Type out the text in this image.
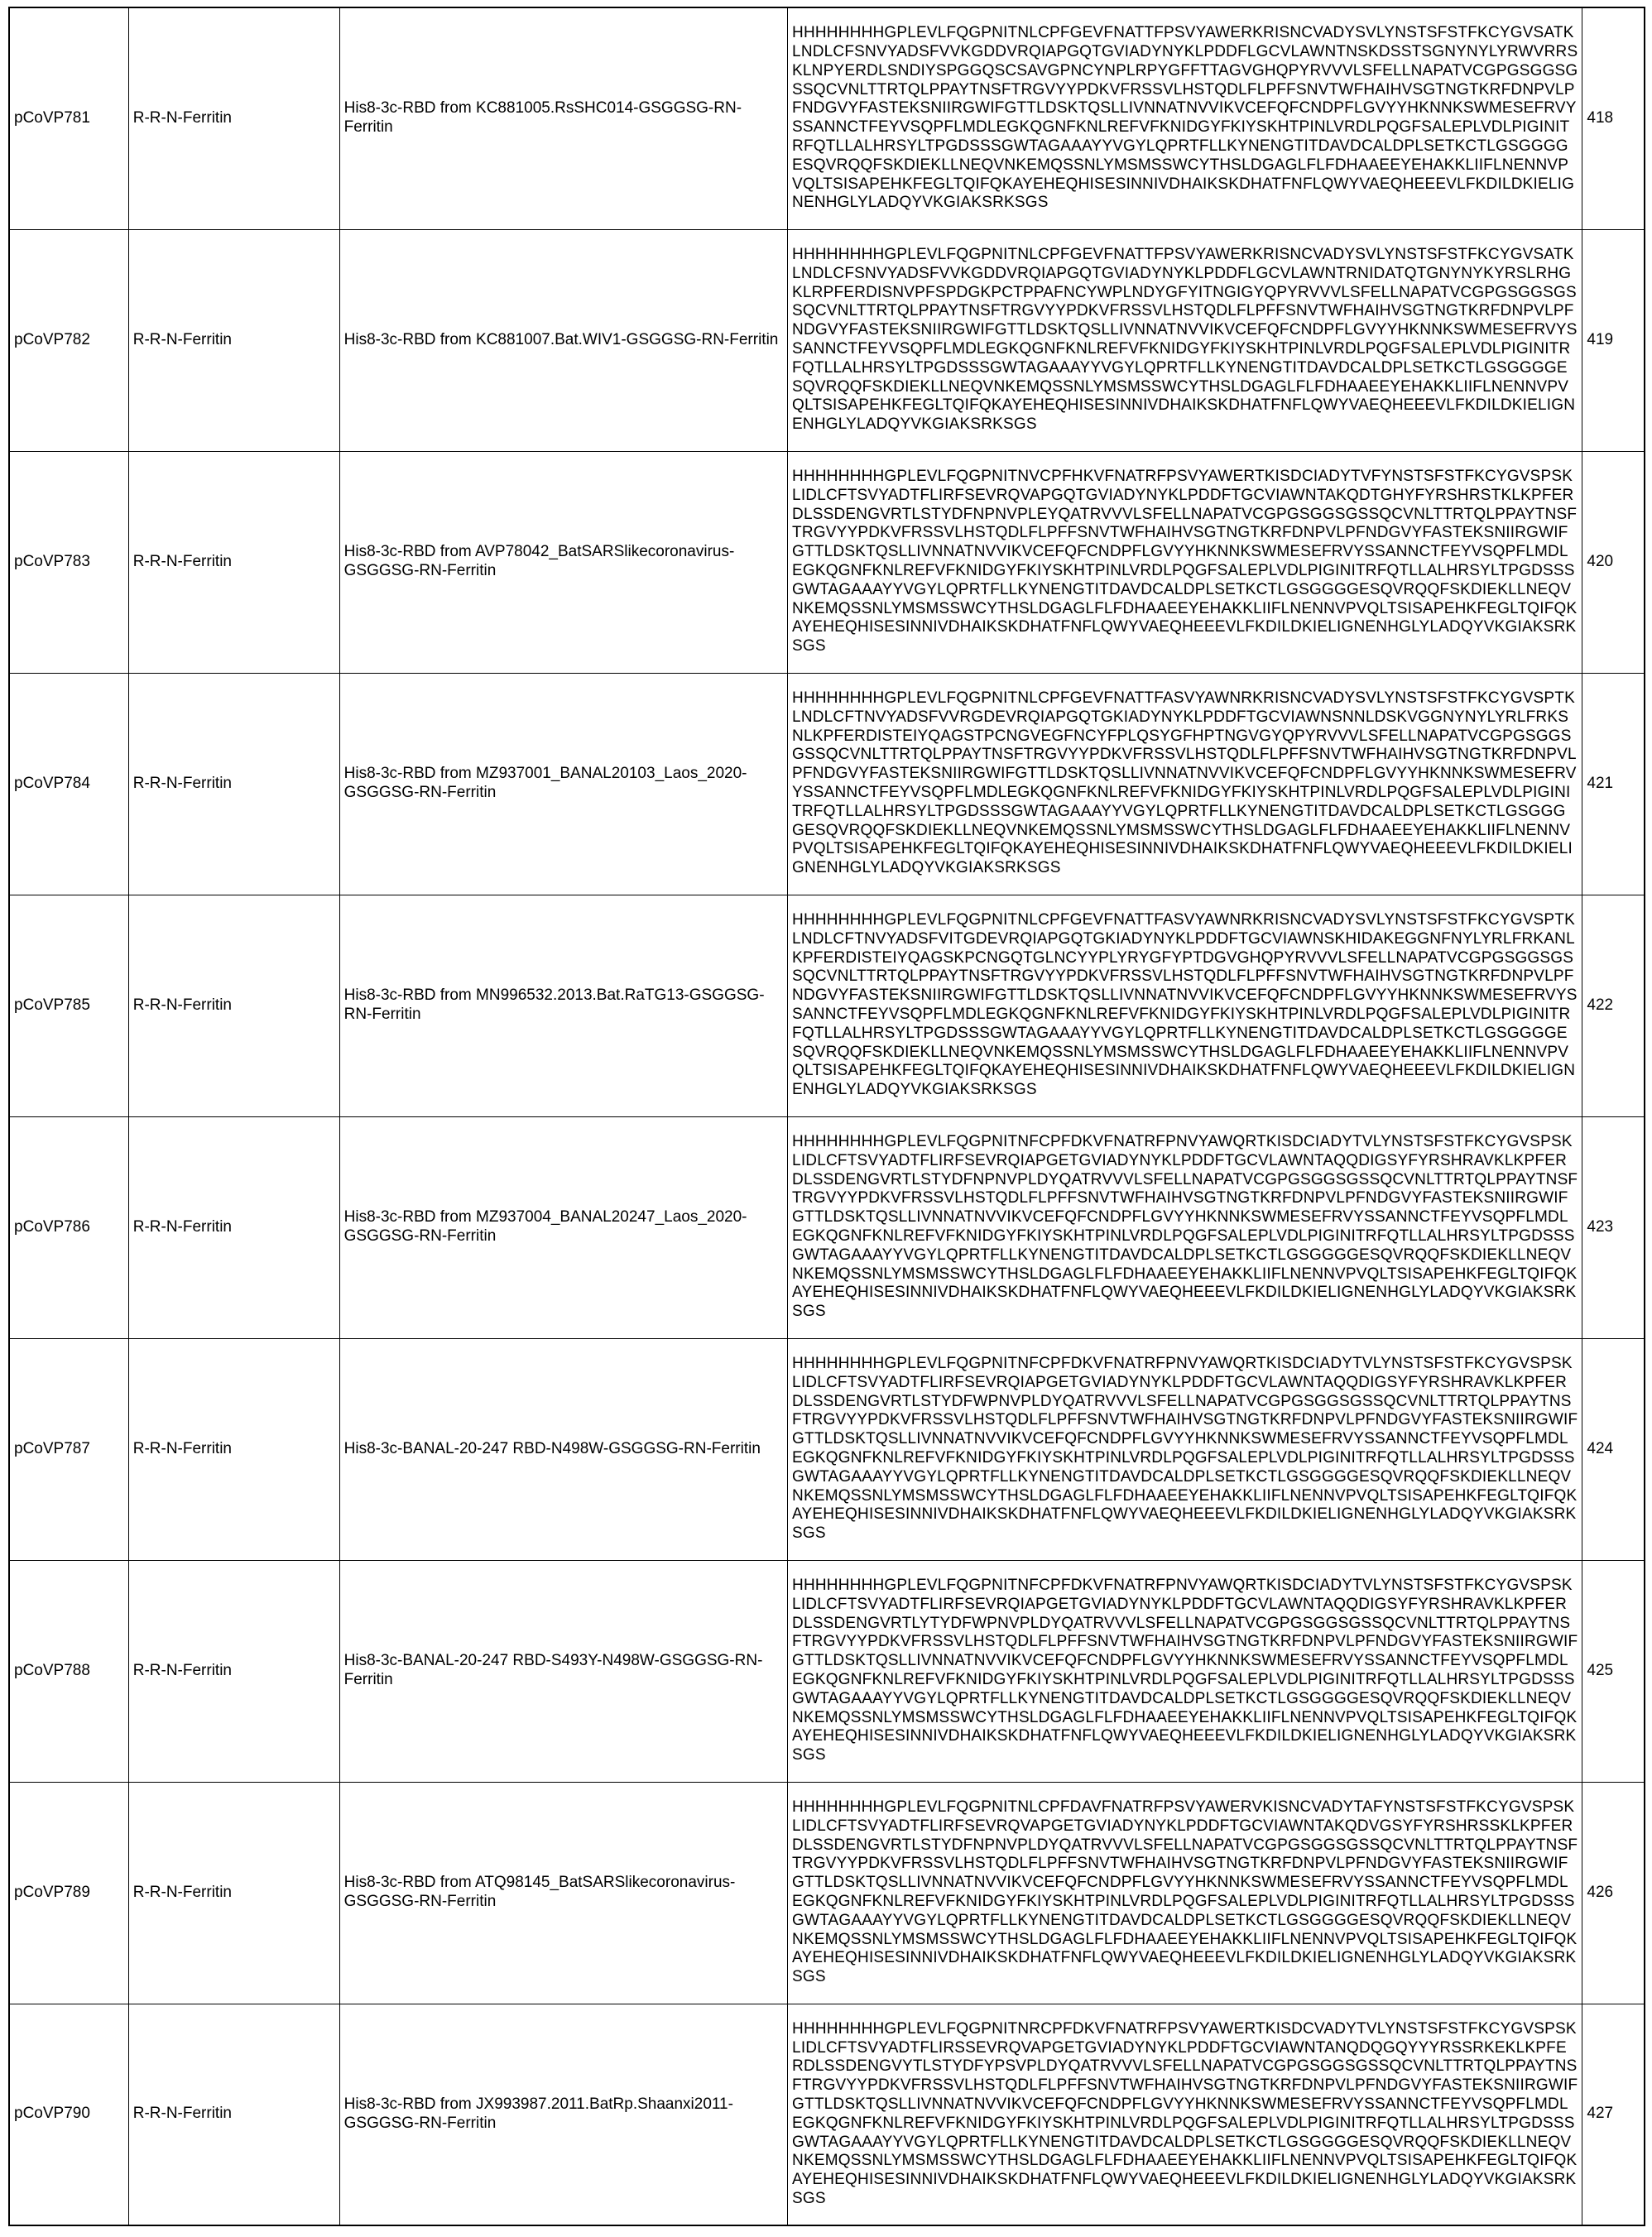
pCoVP781	R-R-N-Ferritin	His8-3c-RBD from KC881005.RsSHC014-GSGGSG-RN-Ferritin	HHHHHHHHGPLEVLFQGPNITNLCPFGEVFNATTFPSVYAWERKRISNCVADYSVLYNSTSFSTFKCYGVSATKLNDLCFSNVYADSFVVKGDDVRQIAPGQTGVIADYNYKLPDDFLGCVLAWNTNSKDSSTSGNYNYLYRWVRRSKLNPYERDLSNDIYSPGGQSCSAVGPNCYNPLRPYGFFTTAGVGHQPYRVVVLSFELLNAPATVCGPGSGGSGSSQCVNLTTRTQLPPAYTNSFTRGVYYPDKVFRSSVLHSTQDLFLPFFSNVTWFHAIHVSGTNGTKRFDNPVLPFNDGVYFASTEKSNIIRGWIFGTTLDSKTQSLLIVNNATNVVIKVCEFQFCNDPFLGVYYHKNNKSWMESEFRVYSSANNCTFEYVSQPFLMDLEGKQGNFKNLREFVFKNIDGYFKIYSKHTPINLVRDLPQGFSALEPLVDLPIGINITRFQTLLALHRSYLTPGDSSSGWTAGAAAYYVGYLQPRTFLLKYNENGTITDAVDCALDPLSETKCTLGSGGGGESQVRQQFSKDIEKLLNEQVNKEMQSSNLYMSMSSWCYTHSLDGAGLFLFDHAAEEYEHAKKLIIFLNENNVPVQLTSISAPEHKFEGLTQIFQKAYEHEQHISESINNIVDHAIKSKDHATFNFLQWYVAEQHEEEVLFKDILDKIELIGNENHGLYLADQYVKGIAKSRKSGS	418
pCoVP782	R-R-N-Ferritin	His8-3c-RBD from KC881007.Bat.WIV1-GSGGSG-RN-Ferritin	HHHHHHHHGPLEVLFQGPNITNLCPFGEVFNATTFPSVYAWERKRISNCVADYSVLYNSTSFSTFKCYGVSATKLNDLCFSNVYADSFVVKGDDVRQIAPGQTGVIADYNYKLPDDFLGCVLAWNTRNIDATQTGNYNYKYRSLRHGKLRPFERDISNVPFSPDGKPCTPPAFNCYWPLNDYGFYITNGIGYQPYRVVVLSFELLNAPATVCGPGSGGSGSSQCVNLTTRTQLPPAYTNSFTRGVYYPDKVFRSSVLHSTQDLFLPFFSNVTWFHAIHVSGTNGTKRFDNPVLPFNDGVYFASTEKSNIIRGWIFGTTLDSKTQSLLIVNNATNVVIKVCEFQFCNDPFLGVYYHKNNKSWMESEFRVYSSANNCTFEYVSQPFLMDLEGKQGNFKNLREFVFKNIDGYFKIYSKHTPINLVRDLPQGFSALEPLVDLPIGINITRFQTLLALHRSYLTPGDSSSGWTAGAAAYYVGYLQPRTFLLKYNENGTITDAVDCALDPLSETKCTLGSGGGGESQVRQQFSKDIEKLLNEQVNKEMQSSNLYMSMSSWCYTHSLDGAGLFLFDHAAEEYEHAKKLIIFLNENNVPVQLTSISAPEHKFEGLTQIFQKAYEHEQHISESINNIVDHAIKSKDHATFNFLQWYVAEQHEEEVLFKDILDKIELIGNENHGLYLADQYVKGIAKSRKSGS	419
pCoVP783	R-R-N-Ferritin	His8-3c-RBD from AVP78042_BatSARSlikecoronavirus-GSGGSG-RN-Ferritin	HHHHHHHHGPLEVLFQGPNITNVCPFHKVFNATRFPSVYAWERTKISDCIADYTVFYNSTSFSTFKCYGVSPSKLIDLCFTSVYADTFLIRFSEVRQVAPGQTGVIADYNYKLPDDFTGCVIAWNTAKQDTGHYFYRSHRSTKLKPFERDLSSDENGVRTLSTYDFNPNVPLEYQATRVVVLSFELLNAPATVCGPGSGGSGSSQCVNLTTRTQLPPAYTNSFTRGVYYPDKVFRSSVLHSTQDLFLPFFSNVTWFHAIHVSGTNGTKRFDNPVLPFNDGVYFASTEKSNIIRGWIFGTTLDSKTQSLLIVNNATNVVIKVCEFQFCNDPFLGVYYHKNNKSWMESEFRVYSSANNCTFEYVSQPFLMDLEGKQGNFKNLREFVFKNIDGYFKIYSKHTPINLVRDLPQGFSALEPLVDLPIGINITRFQTLLALHRSYLTPGDSSSGWTAGAAAYYVGYLQPRTFLLKYNENGTITDAVDCALDPLSETKCTLGSGGGGESQVRQQFSKDIEKLLNEQVNKEMQSSNLYMSMSSWCYTHSLDGAGLFLFDHAAEEYEHAKKLIIFLNENNVPVQLTSISAPEHKFEGLTQIFQKAYEHEQHISESINNIVDHAIKSKDHATFNFLQWYVAEQHEEEVLFKDILDKIELIGNENHGLYLADQYVKGIAKSRKSGS	420
pCoVP784	R-R-N-Ferritin	His8-3c-RBD from MZ937001_BANAL20103_Laos_2020-GSGGSG-RN-Ferritin	HHHHHHHHGPLEVLFQGPNITNLCPFGEVFNATTFASVYAWNRKRISNCVADYSVLYNSTSFSTFKCYGVSPTKLNDLCFTNVYADSFVVRGDEVRQIAPGQTGKIADYNYKLPDDFTGCVIAWNSNNLDSKVGGNYNYLYRLFRKSNLKPFERDISTEIYQAGSTPCNGVEGFNCYFPLQSYGFHPTNGVGYQPYRVVVLSFELLNAPATVCGPGSGGSGSSQCVNLTTRTQLPPAYTNSFTRGVYYPDKVFRSSVLHSTQDLFLPFFSNVTWFHAIHVSGTNGTKRFDNPVLPFNDGVYFASTEKSNIIRGWIFGTTLDSKTQSLLIVNNATNVVIKVCEFQFCNDPFLGVYYHKNNKSWMESEFRVYSSANNCTFEYVSQPFLMDLEGKQGNFKNLREFVFKNIDGYFKIYSKHTPINLVRDLPQGFSALEPLVDLPIGINITRFQTLLALHRSYLTPGDSSSGWTAGAAAYYVGYLQPRTFLLKYNENGTITDAVDCALDPLSETKCTLGSGGGGESQVRQQFSKDIEKLLNEQVNKEMQSSNLYMSMSSWCYTHSLDGAGLFLFDHAAEEYEHAKKLIIFLNENNVPVQLTSISAPEHKFEGLTQIFQKAYEHEQHISESINNIVDHAIKSKDHATFNFLQWYVAEQHEEEVLFKDILDKIELIGNENHGLYLADQYVKGIAKSRKSGS	421
pCoVP785	R-R-N-Ferritin	His8-3c-RBD from MN996532.2013.Bat.RaTG13-GSGGSG-RN-Ferritin	HHHHHHHHGPLEVLFQGPNITNLCPFGEVFNATTFASVYAWNRKRISNCVADYSVLYNSTSFSTFKCYGVSPTKLNDLCFTNVYADSFVITGDEVRQIAPGQTGKIADYNYKLPDDFTGCVIAWNSKHIDAKEGGNFNYLYRLFRKANLKPFERDISTEIYQAGSKPCNGQTGLNCYYPLYRYGFYPTDGVGHQPYRVVVLSFELLNAPATVCGPGSGGSGSSQCVNLTTRTQLPPAYTNSFTRGVYYPDKVFRSSVLHSTQDLFLPFFSNVTWFHAIHVSGTNGTKRFDNPVLPFNDGVYFASTEKSNIIRGWIFGTTLDSKTQSLLIVNNATNVVIKVCEFQFCNDPFLGVYYHKNNKSWMESEFRVYSSANNCTFEYVSQPFLMDLEGKQGNFKNLREFVFKNIDGYFKIYSKHTPINLVRDLPQGFSALEPLVDLPIGINITRFQTLLALHRSYLTPGDSSSGWTAGAAAYYVGYLQPRTFLLKYNENGTITDAVDCALDPLSETKCTLGSGGGGESQVRQQFSKDIEKLLNEQVNKEMQSSNLYMSMSSWCYTHSLDGAGLFLFDHAAEEYEHAKKLIIFLNENNVPVQLTSISAPEHKFEGLTQIFQKAYEHEQHISESINNIVDHAIKSKDHATFNFLQWYVAEQHEEEVLFKDILDKIELIGNENHGLYLADQYVKGIAKSRKSGS	422
pCoVP786	R-R-N-Ferritin	His8-3c-RBD from MZ937004_BANAL20247_Laos_2020-GSGGSG-RN-Ferritin	HHHHHHHHGPLEVLFQGPNITNFCPFDKVFNATRFPNVYAWQRTKISDCIADYTVLYNSTSFSTFKCYGVSPSKLIDLCFTSVYADTFLIRFSEVRQIAPGETGVIADYNYKLPDDFTGCVLAWNTAQQDIGSYFYRSHRAVKLKPFERDLSSDENGVRTLSTYDFNPNVPLDYQATRVVVLSFELLNAPATVCGPGSGGSGSSQCVNLTTRTQLPPAYTNSFTRGVYYPDKVFRSSVLHSTQDLFLPFFSNVTWFHAIHVSGTNGTKRFDNPVLPFNDGVYFASTEKSNIIRGWIFGTTLDSKTQSLLIVNNATNVVIKVCEFQFCNDPFLGVYYHKNNKSWMESEFRVYSSANNCTFEYVSQPFLMDLEGKQGNFKNLREFVFKNIDGYFKIYSKHTPINLVRDLPQGFSALEPLVDLPIGINITRFQTLLALHRSYLTPGDSSSGWTAGAAAYYVGYLQPRTFLLKYNENGTITDAVDCALDPLSETKCTLGSGGGGESQVRQQFSKDIEKLLNEQVNKEMQSSNLYMSMSSWCYTHSLDGAGLFLFDHAAEEYEHAKKLIIFLNENNVPVQLTSISAPEHKFEGLTQIFQKAYEHEQHISESINNIVDHAIKSKDHATFNFLQWYVAEQHEEEVLFKDILDKIELIGNENHGLYLADQYVKGIAKSRKSGS	423
pCoVP787	R-R-N-Ferritin	His8-3c-BANAL-20-247 RBD-N498W-GSGGSG-RN-Ferritin	HHHHHHHHGPLEVLFQGPNITNFCPFDKVFNATRFPNVYAWQRTKISDCIADYTVLYNSTSFSTFKCYGVSPSKLIDLCFTSVYADTFLIRFSEVRQIAPGETGVIADYNYKLPDDFTGCVLAWNTAQQDIGSYFYRSHRAVKLKPFERDLSSDENGVRTLSTYDFWPNVPLDYQATRVVVLSFELLNAPATVCGPGSGGSGSSQCVNLTTRTQLPPAYTNSFTRGVYYPDKVFRSSVLHSTQDLFLPFFSNVTWFHAIHVSGTNGTKRFDNPVLPFNDGVYFASTEKSNIIRGWIFGTTLDSKTQSLLIVNNATNVVIKVCEFQFCNDPFLGVYYHKNNKSWMESEFRVYSSANNCTFEYVSQPFLMDLEGKQGNFKNLREFVFKNIDGYFKIYSKHTPINLVRDLPQGFSALEPLVDLPIGINITRFQTLLALHRSYLTPGDSSSGWTAGAAAYYVGYLQPRTFLLKYNENGTITDAVDCALDPLSETKCTLGSGGGGESQVRQQFSKDIEKLLNEQVNKEMQSSNLYMSMSSWCYTHSLDGAGLFLFDHAAEEYEHAKKLIIFLNENNVPVQLTSISAPEHKFEGLTQIFQKAYEHEQHISESINNIVDHAIKSKDHATFNFLQWYVAEQHEEEVLFKDILDKIELIGNENHGLYLADQYVKGIAKSRKSGS	424
pCoVP788	R-R-N-Ferritin	His8-3c-BANAL-20-247 RBD-S493Y-N498W-GSGGSG-RN-Ferritin	HHHHHHHHGPLEVLFQGPNITNFCPFDKVFNATRFPNVYAWQRTKISDCIADYTVLYNSTSFSTFKCYGVSPSKLIDLCFTSVYADTFLIRFSEVRQIAPGETGVIADYNYKLPDDFTGCVLAWNTAQQDIGSYFYRSHRAVKLKPFERDLSSDENGVRTLYTYDFWPNVPLDYQATRVVVLSFELLNAPATVCGPGSGGSGSSQCVNLTTRTQLPPAYTNSFTRGVYYPDKVFRSSVLHSTQDLFLPFFSNVTWFHAIHVSGTNGTKRFDNPVLPFNDGVYFASTEKSNIIRGWIFGTTLDSKTQSLLIVNNATNVVIKVCEFQFCNDPFLGVYYHKNNKSWMESEFRVYSSANNCTFEYVSQPFLMDLEGKQGNFKNLREFVFKNIDGYFKIYSKHTPINLVRDLPQGFSALEPLVDLPIGINITRFQTLLALHRSYLTPGDSSSGWTAGAAAYYVGYLQPRTFLLKYNENGTITDAVDCALDPLSETKCTLGSGGGGESQVRQQFSKDIEKLLNEQVNKEMQSSNLYMSMSSWCYTHSLDGAGLFLFDHAAEEYEHAKKLIIFLNENNVPVQLTSISAPEHKFEGLTQIFQKAYEHEQHISESINNIVDHAIKSKDHATFNFLQWYVAEQHEEEVLFKDILDKIELIGNENHGLYLADQYVKGIAKSRKSGS	425
pCoVP789	R-R-N-Ferritin	His8-3c-RBD from ATQ98145_BatSARSlikecoronavirus-GSGGSG-RN-Ferritin	HHHHHHHHGPLEVLFQGPNITNLCPFDAVFNATRFPSVYAWERVKISNCVADYTAFYNSTSFSTFKCYGVSPSKLIDLCFTSVYADTFLIRFSEVRQVAPGETGVIADYNYKLPDDFTGCVIAWNTAKQDVGSYFYRSHRSSKLKPFERDLSSDENGVRTLSTYDFNPNVPLDYQATRVVVLSFELLNAPATVCGPGSGGSGSSQCVNLTTRTQLPPAYTNSFTRGVYYPDKVFRSSVLHSTQDLFLPFFSNVTWFHAIHVSGTNGTKRFDNPVLPFNDGVYFASTEKSNIIRGWIFGTTLDSKTQSLLIVNNATNVVIKVCEFQFCNDPFLGVYYHKNNKSWMESEFRVYSSANNCTFEYVSQPFLMDLEGKQGNFKNLREFVFKNIDGYFKIYSKHTPINLVRDLPQGFSALEPLVDLPIGINITRFQTLLALHRSYLTPGDSSSGWTAGAAAYYVGYLQPRTFLLKYNENGTITDAVDCALDPLSETKCTLGSGGGGESQVRQQFSKDIEKLLNEQVNKEMQSSNLYMSMSSWCYTHSLDGAGLFLFDHAAEEYEHAKKLIIFLNENNVPVQLTSISAPEHKFEGLTQIFQKAYEHEQHISESINNIVDHAIKSKDHATFNFLQWYVAEQHEEEVLFKDILDKIELIGNENHGLYLADQYVKGIAKSRKSGS	426
pCoVP790	R-R-N-Ferritin	His8-3c-RBD from JX993987.2011.BatRp.Shaanxi2011-GSGGSG-RN-Ferritin	HHHHHHHHGPLEVLFQGPNITNRCPFDKVFNATRFPSVYAWERTKISDCVADYTVLYNSTSFSTFKCYGVSPSKLIDLCFTSVYADTFLIRSSEVRQVAPGETGVIADYNYKLPDDFTGCVIAWNTANQDQGQYYYRSSRKEKLKPFERDLSSDENGVYTLSTYDFYPSVPLDYQATRVVVLSFELLNAPATVCGPGSGGSGSSQCVNLTTRTQLPPAYTNSFTRGVYYPDKVFRSSVLHSTQDLFLPFFSNVTWFHAIHVSGTNGTKRFDNPVLPFNDGVYFASTEKSNIIRGWIFGTTLDSKTQSLLIVNNATNVVIKVCEFQFCNDPFLGVYYHKNNKSWMESEFRVYSSANNCTFEYVSQPFLMDLEGKQGNFKNLREFVFKNIDGYFKIYSKHTPINLVRDLPQGFSALEPLVDLPIGINITRFQTLLALHRSYLTPGDSSSGWTAGAAAYYVGYLQPRTFLLKYNENGTITDAVDCALDPLSETKCTLGSGGGGESQVRQQFSKDIEKLLNEQVNKEMQSSNLYMSMSSWCYTHSLDGAGLFLFDHAAEEYEHAKKLIIFLNENNVPVQLTSISAPEHKFEGLTQIFQKAYEHEQHISESINNIVDHAIKSKDHATFNFLQWYVAEQHEEEVLFKDILDKIELIGNENHGLYLADQYVKGIAKSRKSGS	427
